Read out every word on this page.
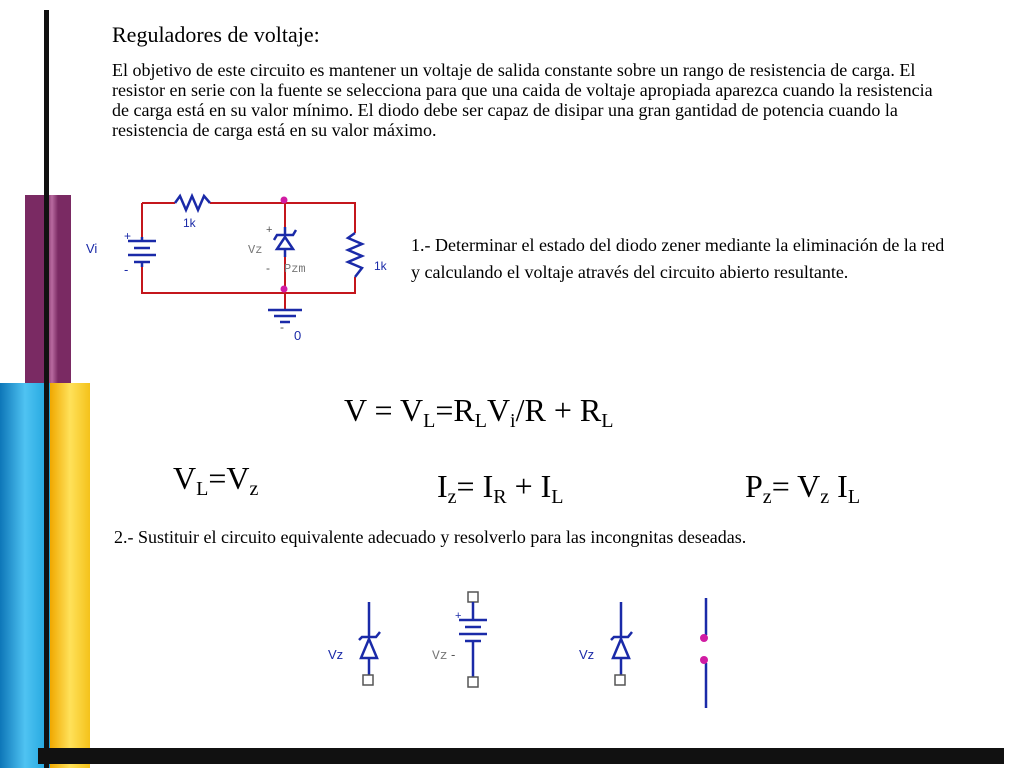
Reguladores de voltaje:
El objetivo de este circuito es mantener un voltaje de salida constante sobre un rango de resistencia de carga. El resistor en serie con la fuente se selecciona para que una caida de voltaje apropiada aparezca cuando la resistencia de carga está en su valor mínimo. El diodo debe ser capaz de disipar una gran gantidad de potencia cuando la resistencia de carga está en su valor máximo.
1.- Determinar el estado del diodo zener mediante la eliminación de la red y calculando el voltaje através del circuito abierto resultante.
2.- Sustituir el circuito equivalente adecuado y resolverlo para las incongnitas deseadas.
$V = V_L=R_LV_i/R + R_L$
$V_L=V_z$	$I_z= I_R + I_L$	$P_z= V_z$ $I_L$
1k
+
-
Vi
+
Vz
- Pzm	1k
-
0
Vz
+
Vz -	Vz
